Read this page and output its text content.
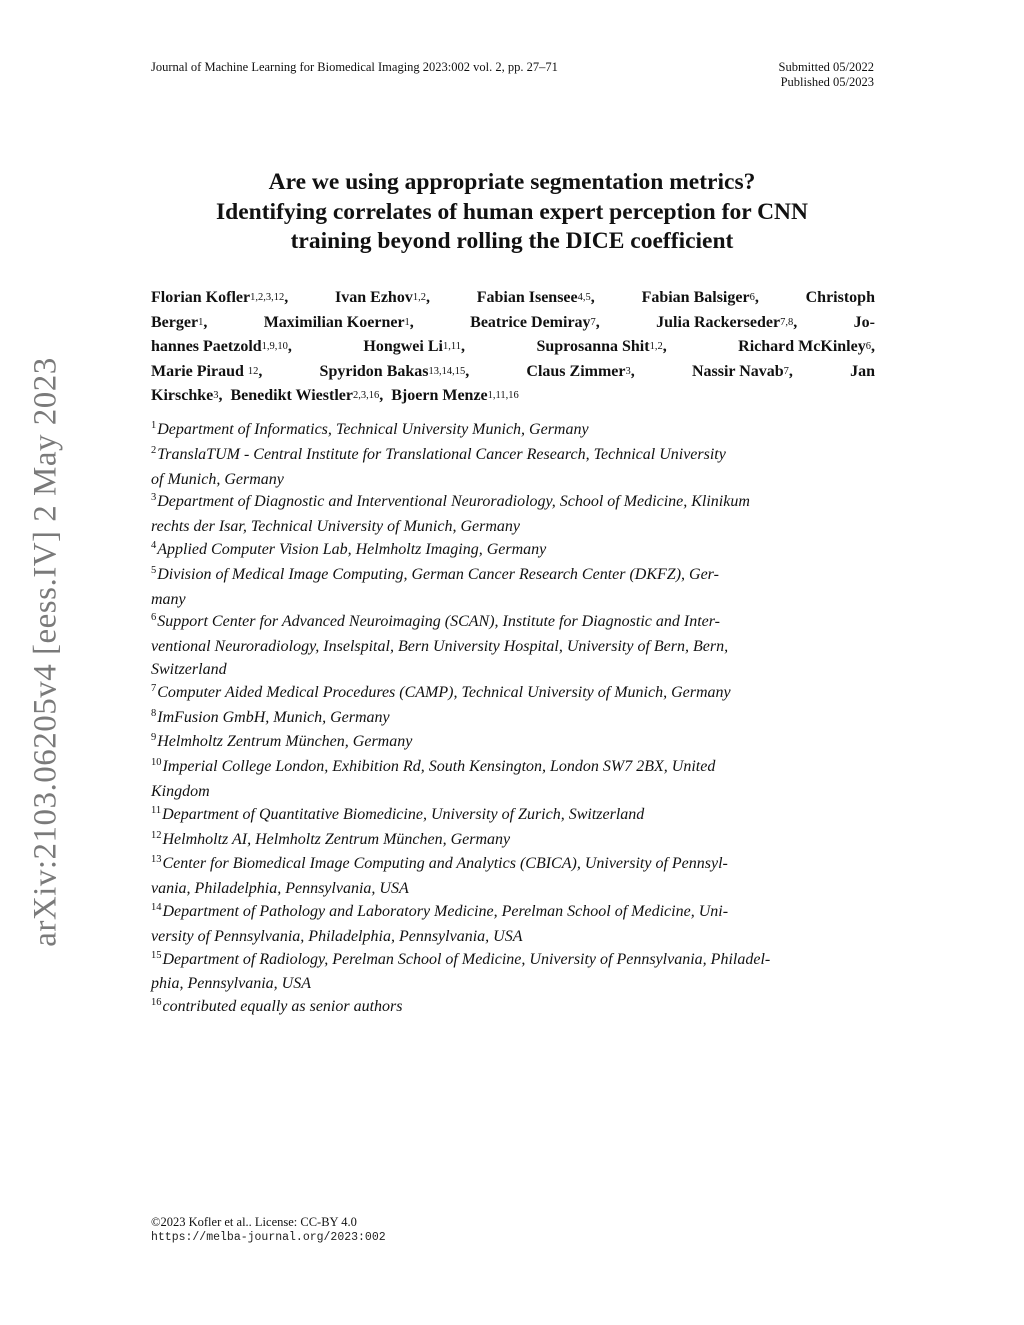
arXiv:2103.06205v4 [eess.IV] 2 May 2023
Journal of Machine Learning for Biomedical Imaging 2023:002 vol. 2, pp. 27–71	Submitted 05/2022
Published 05/2023
Are we using appropriate segmentation metrics?
Identifying correlates of human expert perception for CNN
training beyond rolling the DICE coefficient
Florian Kofler$^{1,2,3,12}$,	Ivan Ezhov$^{1,2}$,	Fabian Isensee$^{4,5}$,	Fabian Balsiger$^6$,	Christoph
Berger$^1$,	Maximilian Koerner$^1$,	Beatrice Demiray$^7$,	Julia Rackerseder$^{7,8}$,	Jo-
hannes Paetzold$^{1,9,10}$,	Hongwei Li$^{1,11}$,	Suprosanna Shit$^{1,2}$,	Richard McKinley$^6$,
Marie Piraud $^{12}$,	Spyridon Bakas$^{13,14,15}$,	Claus Zimmer$^3$,	Nassir Navab$^7$,	Jan
Kirschke$^3$, Benedikt Wiestler$^{2,3,16}$, Bjoern Menze$^{1,11,16}$
$^1$Department of Informatics, Technical University Munich, Germany
$^2$TranslaTUM - Central Institute for Translational Cancer Research, Technical University
of Munich, Germany
$^3$Department of Diagnostic and Interventional Neuroradiology, School of Medicine, Klinikum
rechts der Isar, Technical University of Munich, Germany
$^4$Applied Computer Vision Lab, Helmholtz Imaging, Germany
$^5$Division of Medical Image Computing, German Cancer Research Center (DKFZ), Ger-
many
$^6$Support Center for Advanced Neuroimaging (SCAN), Institute for Diagnostic and Inter-
ventional Neuroradiology, Inselspital, Bern University Hospital, University of Bern, Bern,
Switzerland
$^7$Computer Aided Medical Procedures (CAMP), Technical University of Munich, Germany
$^8$ImFusion GmbH, Munich, Germany
$^9$Helmholtz Zentrum München, Germany
$^{10}$Imperial College London, Exhibition Rd, South Kensington, London SW7 2BX, United
Kingdom
$^{11}$Department of Quantitative Biomedicine, University of Zurich, Switzerland
$^{12}$Helmholtz AI, Helmholtz Zentrum München, Germany
$^{13}$Center for Biomedical Image Computing and Analytics (CBICA), University of Pennsyl-
vania, Philadelphia, Pennsylvania, USA
$^{14}$Department of Pathology and Laboratory Medicine, Perelman School of Medicine, Uni-
versity of Pennsylvania, Philadelphia, Pennsylvania, USA
$^{15}$Department of Radiology, Perelman School of Medicine, University of Pennsylvania, Philadel-
phia, Pennsylvania, USA
$^{16}$contributed equally as senior authors
©2023 Kofler et al.. License: CC-BY 4.0
https://melba-journal.org/2023:002
